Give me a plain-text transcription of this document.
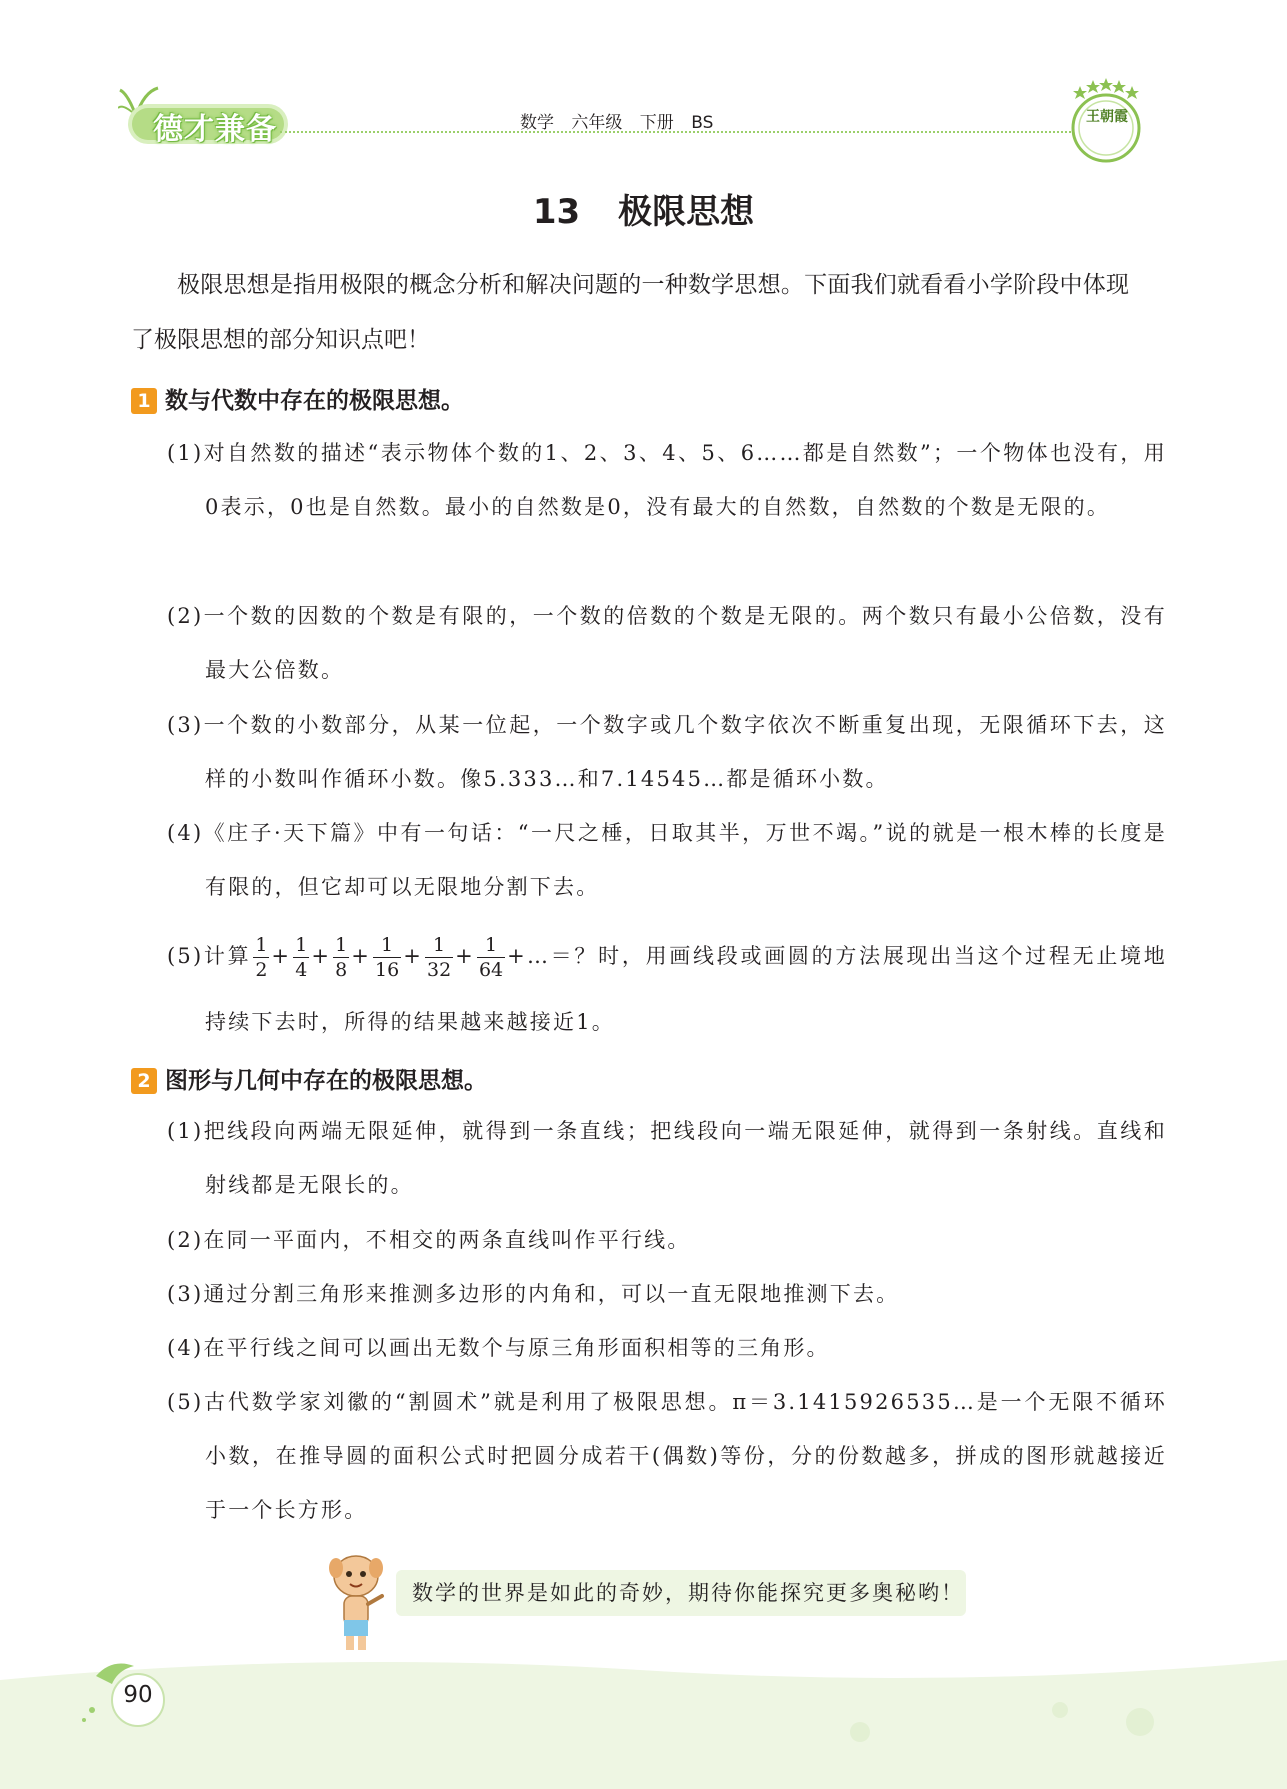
德才兼备	数学 六年级 下册 BS	王朝霞
13 极限思想
极限思想是指用极限的概念分析和解决问题的一种数学思想。下面我们就看看小学阶段中体现了极限思想的部分知识点吧！
1 数与代数中存在的极限思想。
(1)对自然数的描述“表示物体个数的1、2、3、4、5、6……都是自然数”；一个物体也没有，用0表示，0也是自然数。最小的自然数是0，没有最大的自然数，自然数的个数是无限的。
(2)一个数的因数的个数是有限的，一个数的倍数的个数是无限的。两个数只有最小公倍数，没有最大公倍数。
(3)一个数的小数部分，从某一位起，一个数字或几个数字依次不断重复出现，无限循环下去，这样的小数叫作循环小数。像5.333…和7.14545…都是循环小数。
(4)《庄子·天下篇》中有一句话：“一尺之棰，日取其半，万世不竭。”说的就是一根木棒的长度是有限的，但它却可以无限地分割下去。
(5)计算 $\frac{1}{2} + \frac{1}{4} + \frac{1}{8} + \frac{1}{16} + \frac{1}{32} + \frac{1}{64}$ +…＝？时，用画线段或画圆的方法展现出当这个过程无止境地持续下去时，所得的结果越来越接近1。
2 图形与几何中存在的极限思想。
(1)把线段向两端无限延伸，就得到一条直线；把线段向一端无限延伸，就得到一条射线。直线和射线都是无限长的。
(2)在同一平面内，不相交的两条直线叫作平行线。
(3)通过分割三角形来推测多边形的内角和，可以一直无限地推测下去。
(4)在平行线之间可以画出无数个与原三角形面积相等的三角形。
(5)古代数学家刘徽的“割圆术”就是利用了极限思想。π＝3.1415926535…是一个无限不循环小数，在推导圆的面积公式时把圆分成若干(偶数)等份，分的份数越多，拼成的图形就越接近于一个长方形。
数学的世界是如此的奇妙，期待你能探究更多奥秘哟！
90
